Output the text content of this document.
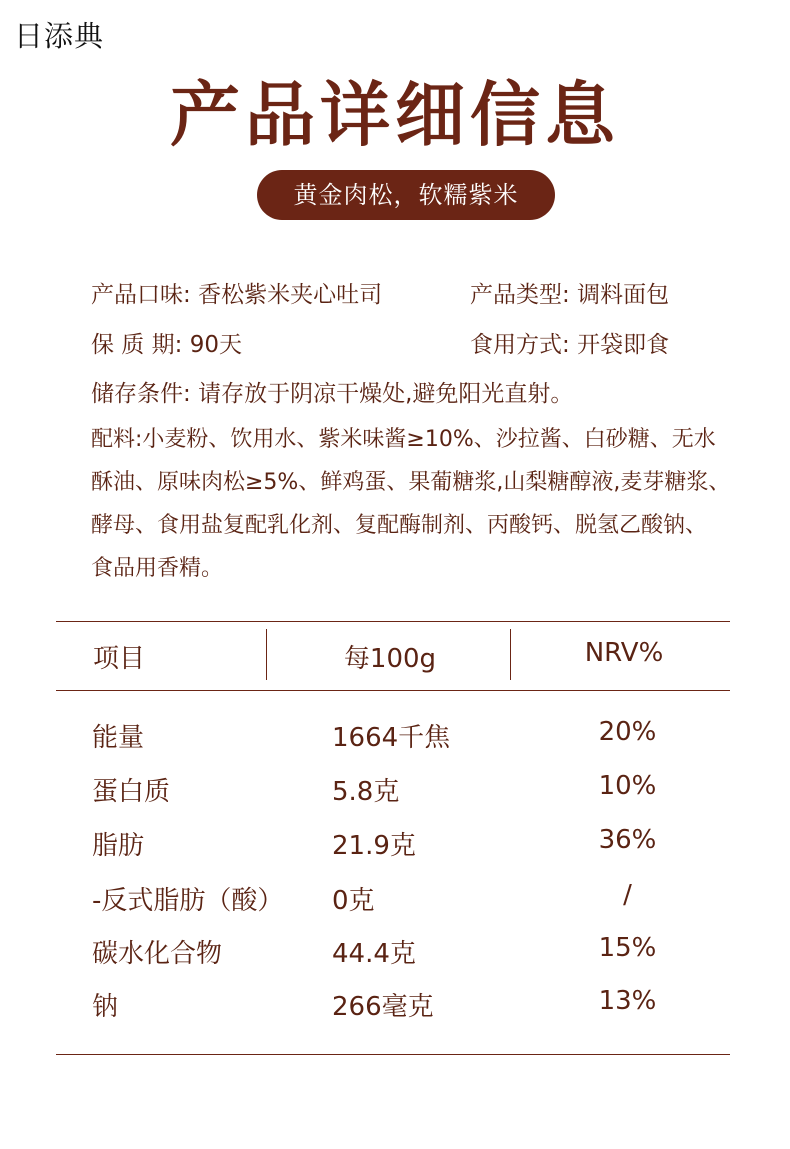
日添典
产品详细信息
黄金肉松，软糯紫米
产品口味: 香松紫米夹心吐司	产品类型: 调料面包
保 质 期: 90天	食用方式: 开袋即食
储存条件: 请存放于阴凉干燥处,避免阳光直射。
配料:小麦粉、饮用水、紫米味酱≥10%、沙拉酱、白砂糖、无水
酥油、原味肉松≥5%、鲜鸡蛋、果葡糖浆,山梨糖醇液,麦芽糖浆、
酵母、食用盐复配乳化剂、复配酶制剂、丙酸钙、脱氢乙酸钠、
食品用香精。
项目	每100g	NRV%
能量	1664千焦	20%
蛋白质	5.8克	10%
脂肪	21.9克	36%
-反式脂肪（酸） 0克	/
碳水化合物	44.4克	15%
钠	266毫克	13%
